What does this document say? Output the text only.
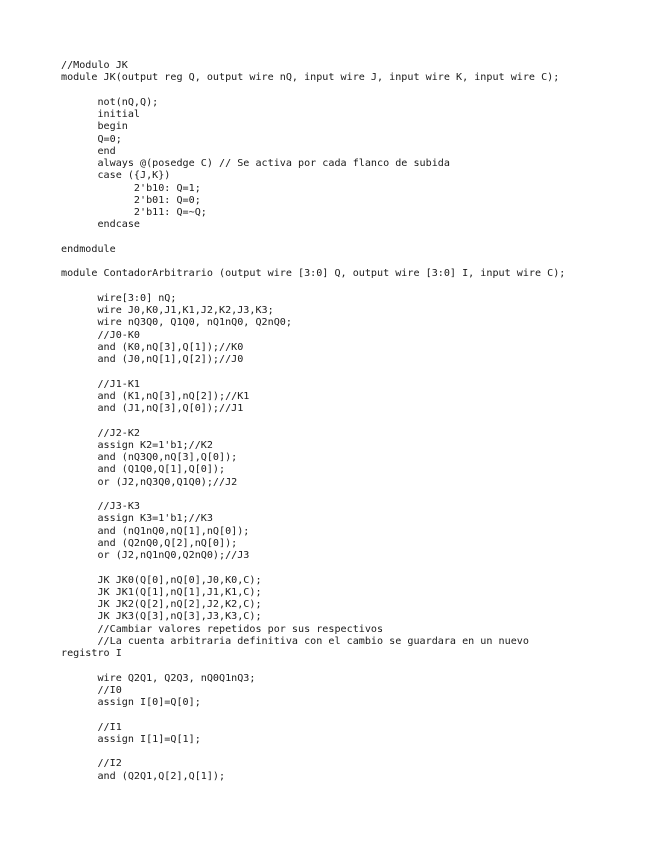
//Modulo JK
module JK(output reg Q, output wire nQ, input wire J, input wire K, input wire C);
not(nQ,Q);
initial
begin
Q=0;
end
always @(posedge C) // Se activa por cada flanco de subida
case ({J,K})
2'b10: Q=1;
2'b01: Q=0;
2'b11: Q=~Q;
endcase
endmodule
module ContadorArbitrario (output wire [3:0] Q, output wire [3:0] I, input wire C);
wire[3:0] nQ;
wire J0,K0,J1,K1,J2,K2,J3,K3;
wire nQ3Q0, Q1Q0, nQ1nQ0, Q2nQ0;
//J0-K0
and (K0,nQ[3],Q[1]);//K0
and (J0,nQ[1],Q[2]);//J0
//J1-K1
and (K1,nQ[3],nQ[2]);//K1
and (J1,nQ[3],Q[0]);//J1
//J2-K2
assign K2=1'b1;//K2
and (nQ3Q0,nQ[3],Q[0]);
and (Q1Q0,Q[1],Q[0]);
or (J2,nQ3Q0,Q1Q0);//J2
//J3-K3
assign K3=1'b1;//K3
and (nQ1nQ0,nQ[1],nQ[0]);
and (Q2nQ0,Q[2],nQ[0]);
or (J2,nQ1nQ0,Q2nQ0);//J3
JK JK0(Q[0],nQ[0],J0,K0,C);
JK JK1(Q[1],nQ[1],J1,K1,C);
JK JK2(Q[2],nQ[2],J2,K2,C);
JK JK3(Q[3],nQ[3],J3,K3,C);
//Cambiar valores repetidos por sus respectivos
//La cuenta arbitraria definitiva con el cambio se guardara en un nuevo
registro I
wire Q2Q1, Q2Q3, nQ0Q1nQ3;
//I0
assign I[0]=Q[0];
//I1
assign I[1]=Q[1];
//I2
and (Q2Q1,Q[2],Q[1]);
